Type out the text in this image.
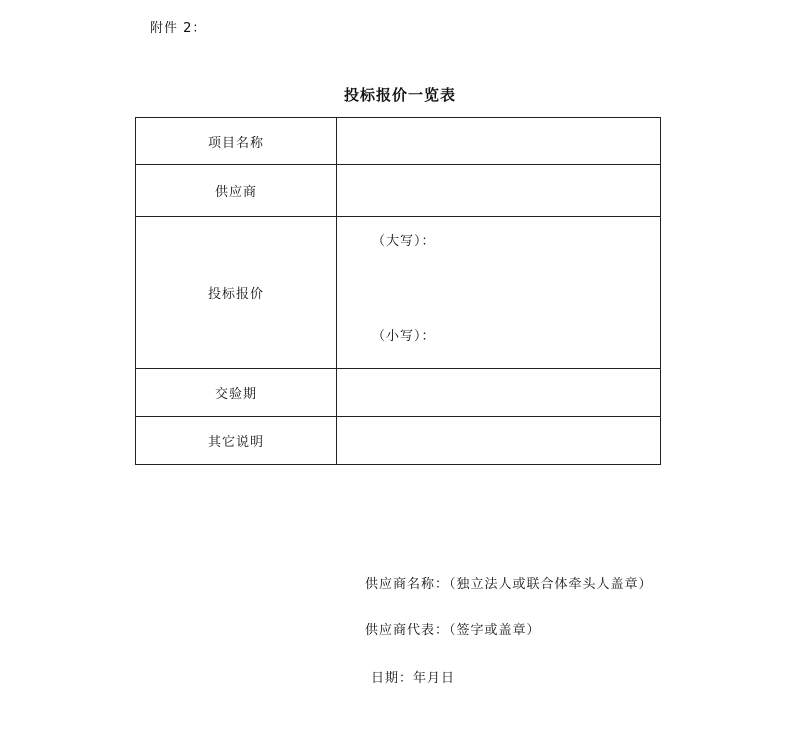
附件 2：
投标报价一览表
项目名称	
供应商	
投标报价	（大写）：
（小写）：

交验期	
其它说明	
供应商名称：（独立法人或联合体牵头人盖章）
供应商代表：（签字或盖章）
日期：年月日
